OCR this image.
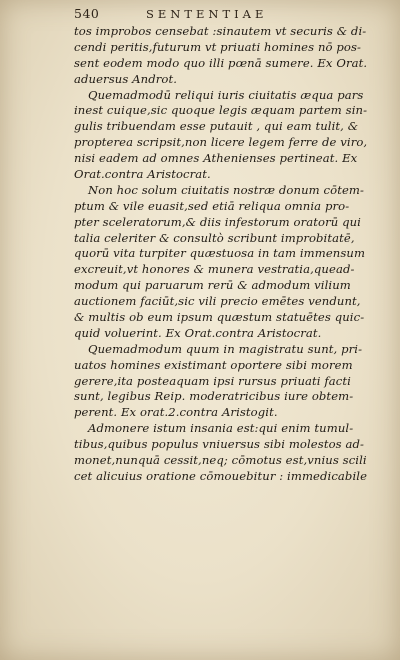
540	SENTENTIAE
tos improbos censebat :sinautem vt securis & di-
cendi peritis,futurum vt priuati homines nō pos-
sent eodem modo quo illi pœnā sumere. Ex Orat.
aduersus Androt.
Quemadmodū reliqui iuris ciuitatis æqua pars
inest cuique,sic quoque legis æquam partem sin-
gulis tribuendam esse putauit , qui eam tulit, &
propterea scripsit,non licere legem ferre de viro,
nisi eadem ad omnes Athenienses pertineat. Ex
Orat.contra Aristocrat.
Non hoc solum ciuitatis nostræ donum cōtem-
ptum & vile euasit,sed etiā reliqua omnia pro-
pter sceleratorum,& diis infestorum oratorū qui
talia celeriter & consultò scribunt improbitatē,
quorū vita turpiter quæstuosa in tam immensum
excreuit,vt honores & munera vestratia,quead-
modum qui paruarum rerū & admodum vilium
auctionem faciūt,sic vili precio emētes vendunt,
& multis ob eum ipsum quæstum statuētes quic-
quid voluerint. Ex Orat.contra Aristocrat.
Quemadmodum quum in magistratu sunt, pri-
uatos homines existimant oportere sibi morem
gerere,ita posteaquam ipsi rursus priuati facti
sunt, legibus Reip. moderatricibus iure obtem-
perent. Ex orat.2.contra Aristogit.
Admonere istum insania est:qui enim tumul-
tibus,quibus populus vniuersus sibi molestos ad-
monet,nunquā cessit,neq; cōmotus est,vnius scili
cet alicuius oratione cōmouebitur : immedicabile
